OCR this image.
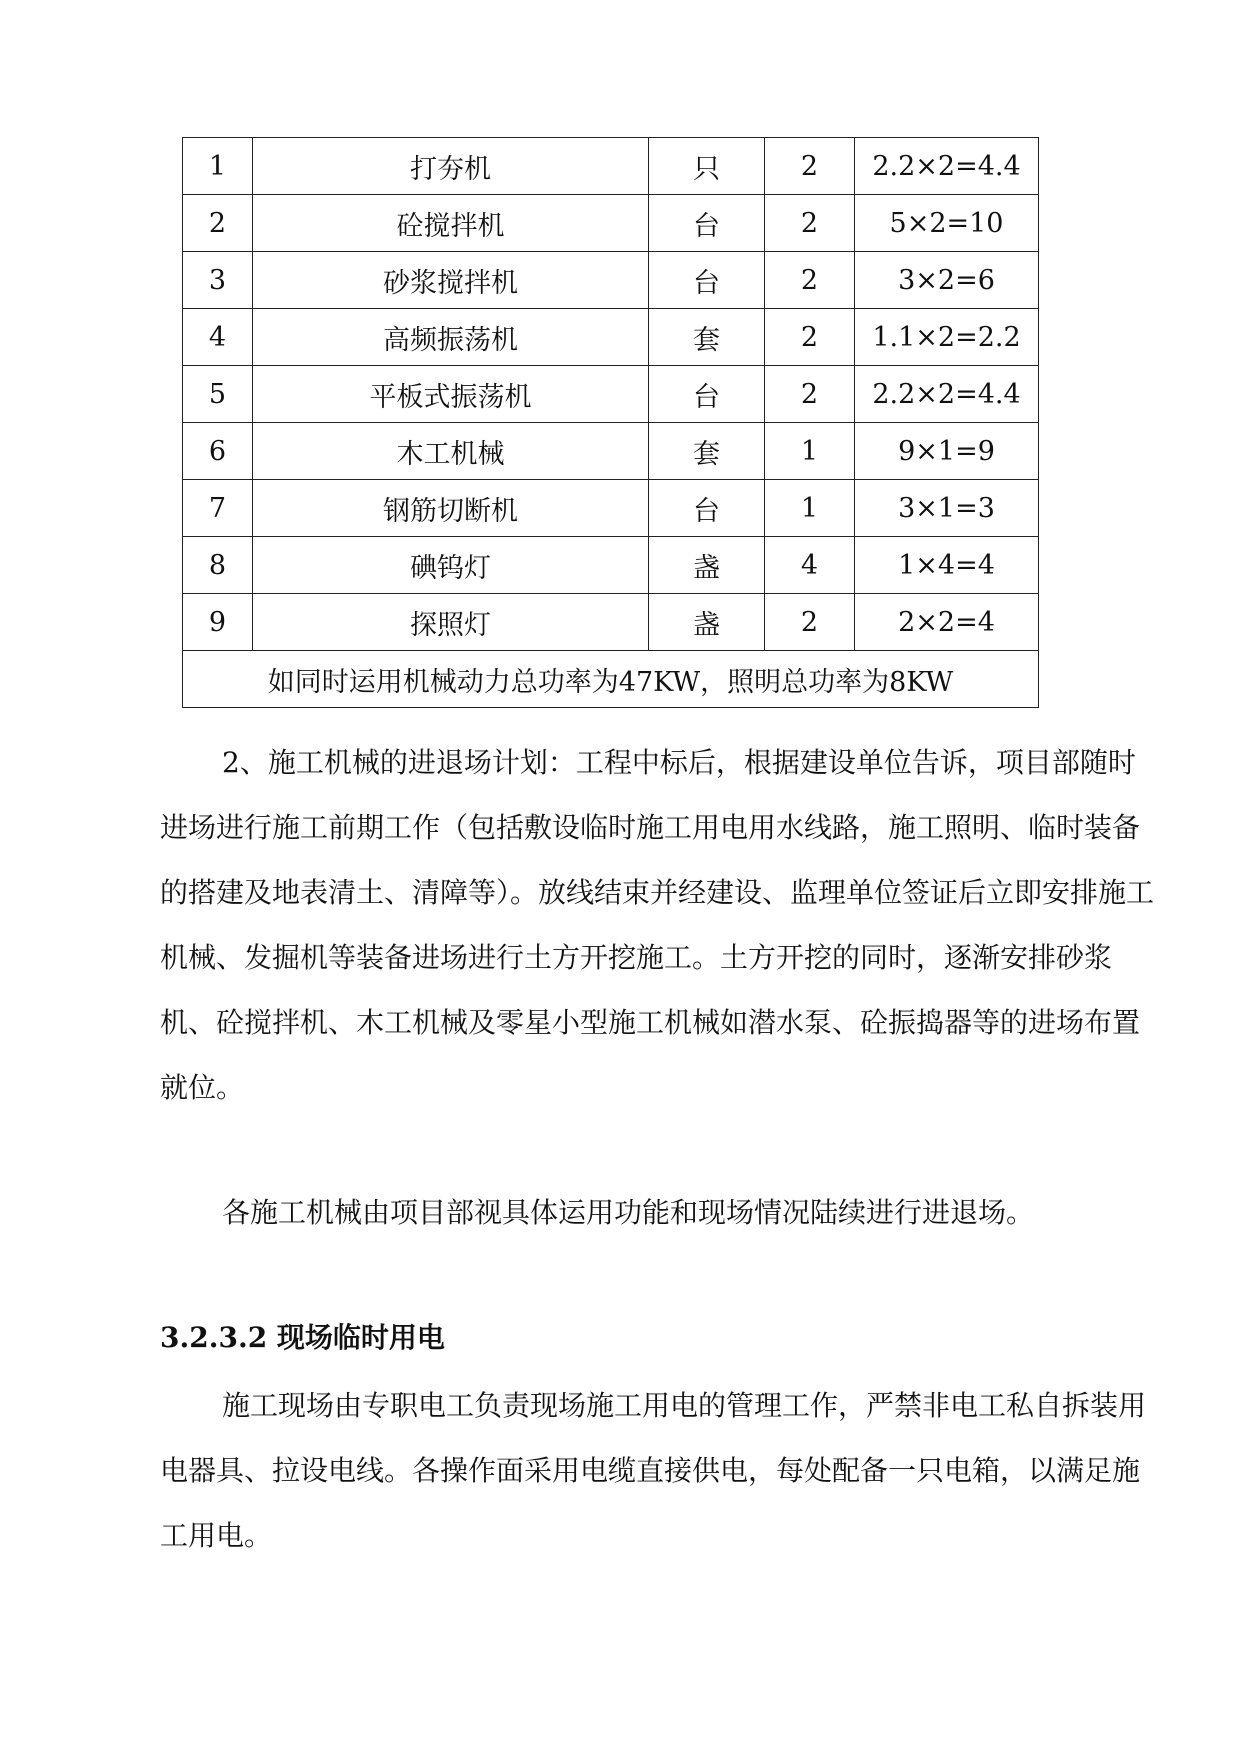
1	打夯机	只	2	2.2×2=4.4
2	砼搅拌机	台	2	5×2=10
3	砂浆搅拌机	台	2	3×2=6
4	高频振荡机	套	2	1.1×2=2.2
5	平板式振荡机	台	2	2.2×2=4.4
6	木工机械	套	1	9×1=9
7	钢筋切断机	台	1	3×1=3
8	碘钨灯	盏	4	1×4=4
9	探照灯	盏	2	2×2=4
如同时运用机械动力总功率为47KW，照明总功率为8KW				

2、施工机械的进退场计划：工程中标后，根据建设单位告诉，项目部随时进场进行施工前期工作（包括敷设临时施工用电用水线路，施工照明、临时装备的搭建及地表清土、清障等）。放线结束并经建设、监理单位签证后立即安排施工机械、发掘机等装备进场进行土方开挖施工。土方开挖的同时，逐渐安排砂浆机、砼搅拌机、木工机械及零星小型施工机械如潜水泵、砼振捣器等的进场布置就位。

各施工机械由项目部视具体运用功能和现场情况陆续进行进退场。

3.2.3.2 现场临时用电

施工现场由专职电工负责现场施工用电的管理工作，严禁非电工私自拆装用电器具、拉设电线。各操作面采用电缆直接供电，每处配备一只电箱，以满足施工用电。
